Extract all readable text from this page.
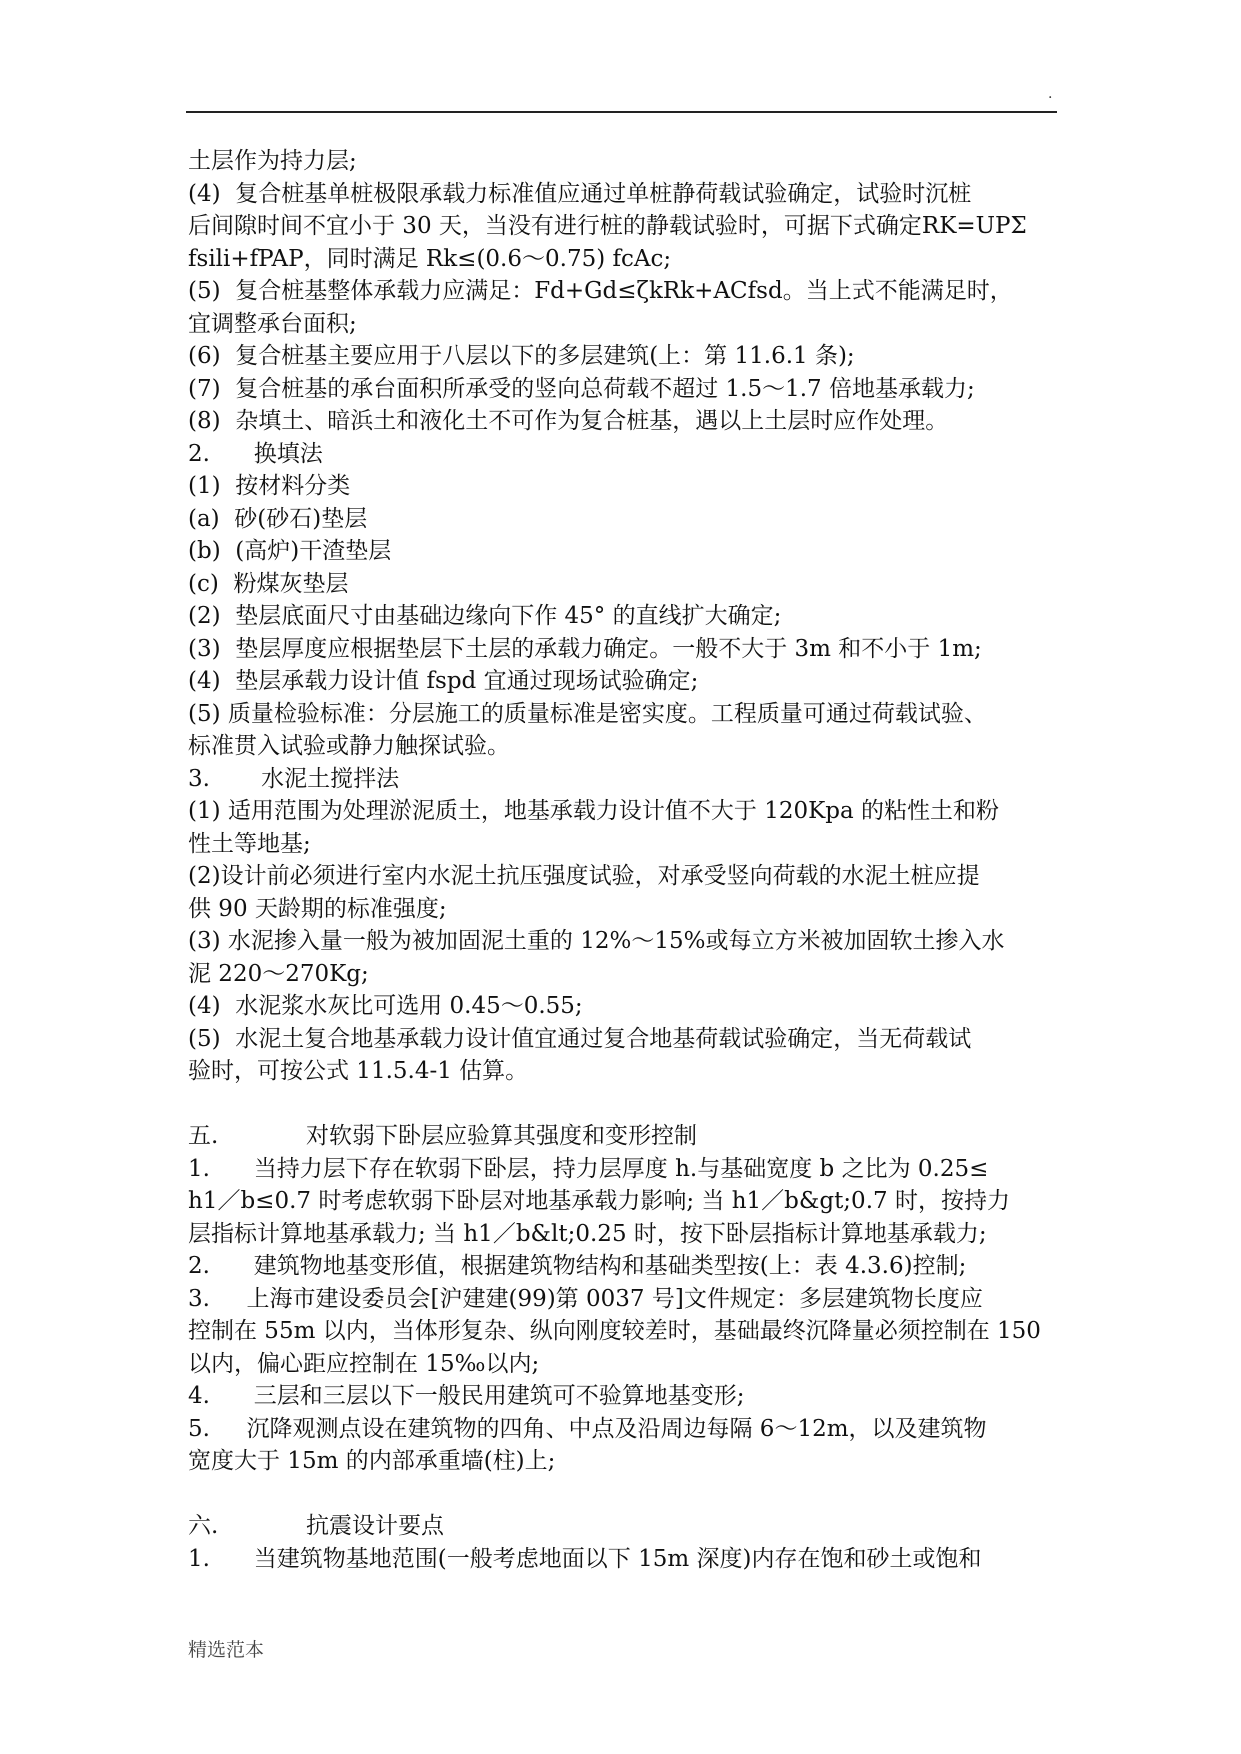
.
土层作为持力层;
(4)  复合桩基单桩极限承载力标准值应通过单桩静荷载试验确定，试验时沉桩
后间隙时间不宜小于 30 天，当没有进行桩的静载试验时，可据下式确定RK=UPΣ
fsili+fPAP，同时满足 Rk≤(0.6～0.75) fcAc;
(5)  复合桩基整体承载力应满足：Fd+Gd≤ζkRk+ACfsd。当上式不能满足时，
宜调整承台面积;
(6)  复合桩基主要应用于八层以下的多层建筑(上：第 11.6.1 条);
(7)  复合桩基的承台面积所承受的竖向总荷载不超过 1.5～1.7 倍地基承载力;
(8)  杂填土、暗浜土和液化土不可作为复合桩基，遇以上土层时应作处理。
2.      换填法
(1)  按材料分类
(a)  砂(砂石)垫层
(b)  (高炉)干渣垫层
(c)  粉煤灰垫层
(2)  垫层底面尺寸由基础边缘向下作 45° 的直线扩大确定;
(3)  垫层厚度应根据垫层下土层的承载力确定。一般不大于 3m 和不小于 1m;
(4)  垫层承载力设计值 fspd 宜通过现场试验确定;
(5) 质量检验标准：分层施工的质量标准是密实度。工程质量可通过荷载试验、
标准贯入试验或静力触探试验。
3.       水泥土搅拌法
(1) 适用范围为处理淤泥质土，地基承载力设计值不大于 120Kpa 的粘性土和粉
性土等地基;
(2)设计前必须进行室内水泥土抗压强度试验，对承受竖向荷载的水泥土桩应提
供 90 天龄期的标准强度;
(3) 水泥掺入量一般为被加固泥土重的 12%～15%或每立方米被加固软土掺入水
泥 220～270Kg;
(4)  水泥浆水灰比可选用 0.45～0.55;
(5)  水泥土复合地基承载力设计值宜通过复合地基荷载试验确定，当无荷载试
验时，可按公式 11.5.4-1 估算。
五.            对软弱下卧层应验算其强度和变形控制
1.      当持力层下存在软弱下卧层，持力层厚度 h.与基础宽度 b 之比为 0.25≤
h1／b≤0.7 时考虑软弱下卧层对地基承载力影响; 当 h1／b&gt;0.7 时，按持力
层指标计算地基承载力; 当 h1／b&lt;0.25 时，按下卧层指标计算地基承载力;
2.      建筑物地基变形值，根据建筑物结构和基础类型按(上：表 4.3.6)控制;
3.     上海市建设委员会[沪建建(99)第 0037 号]文件规定：多层建筑物长度应
控制在 55m 以内，当体形复杂、纵向刚度较差时，基础最终沉降量必须控制在 150
以内，偏心距应控制在 15‰以内;
4.      三层和三层以下一般民用建筑可不验算地基变形;
5.     沉降观测点设在建筑物的四角、中点及沿周边每隔 6～12m，以及建筑物
宽度大于 15m 的内部承重墙(柱)上;
六.            抗震设计要点
1.      当建筑物基地范围(一般考虑地面以下 15m 深度)内存在饱和砂土或饱和
精选范本
